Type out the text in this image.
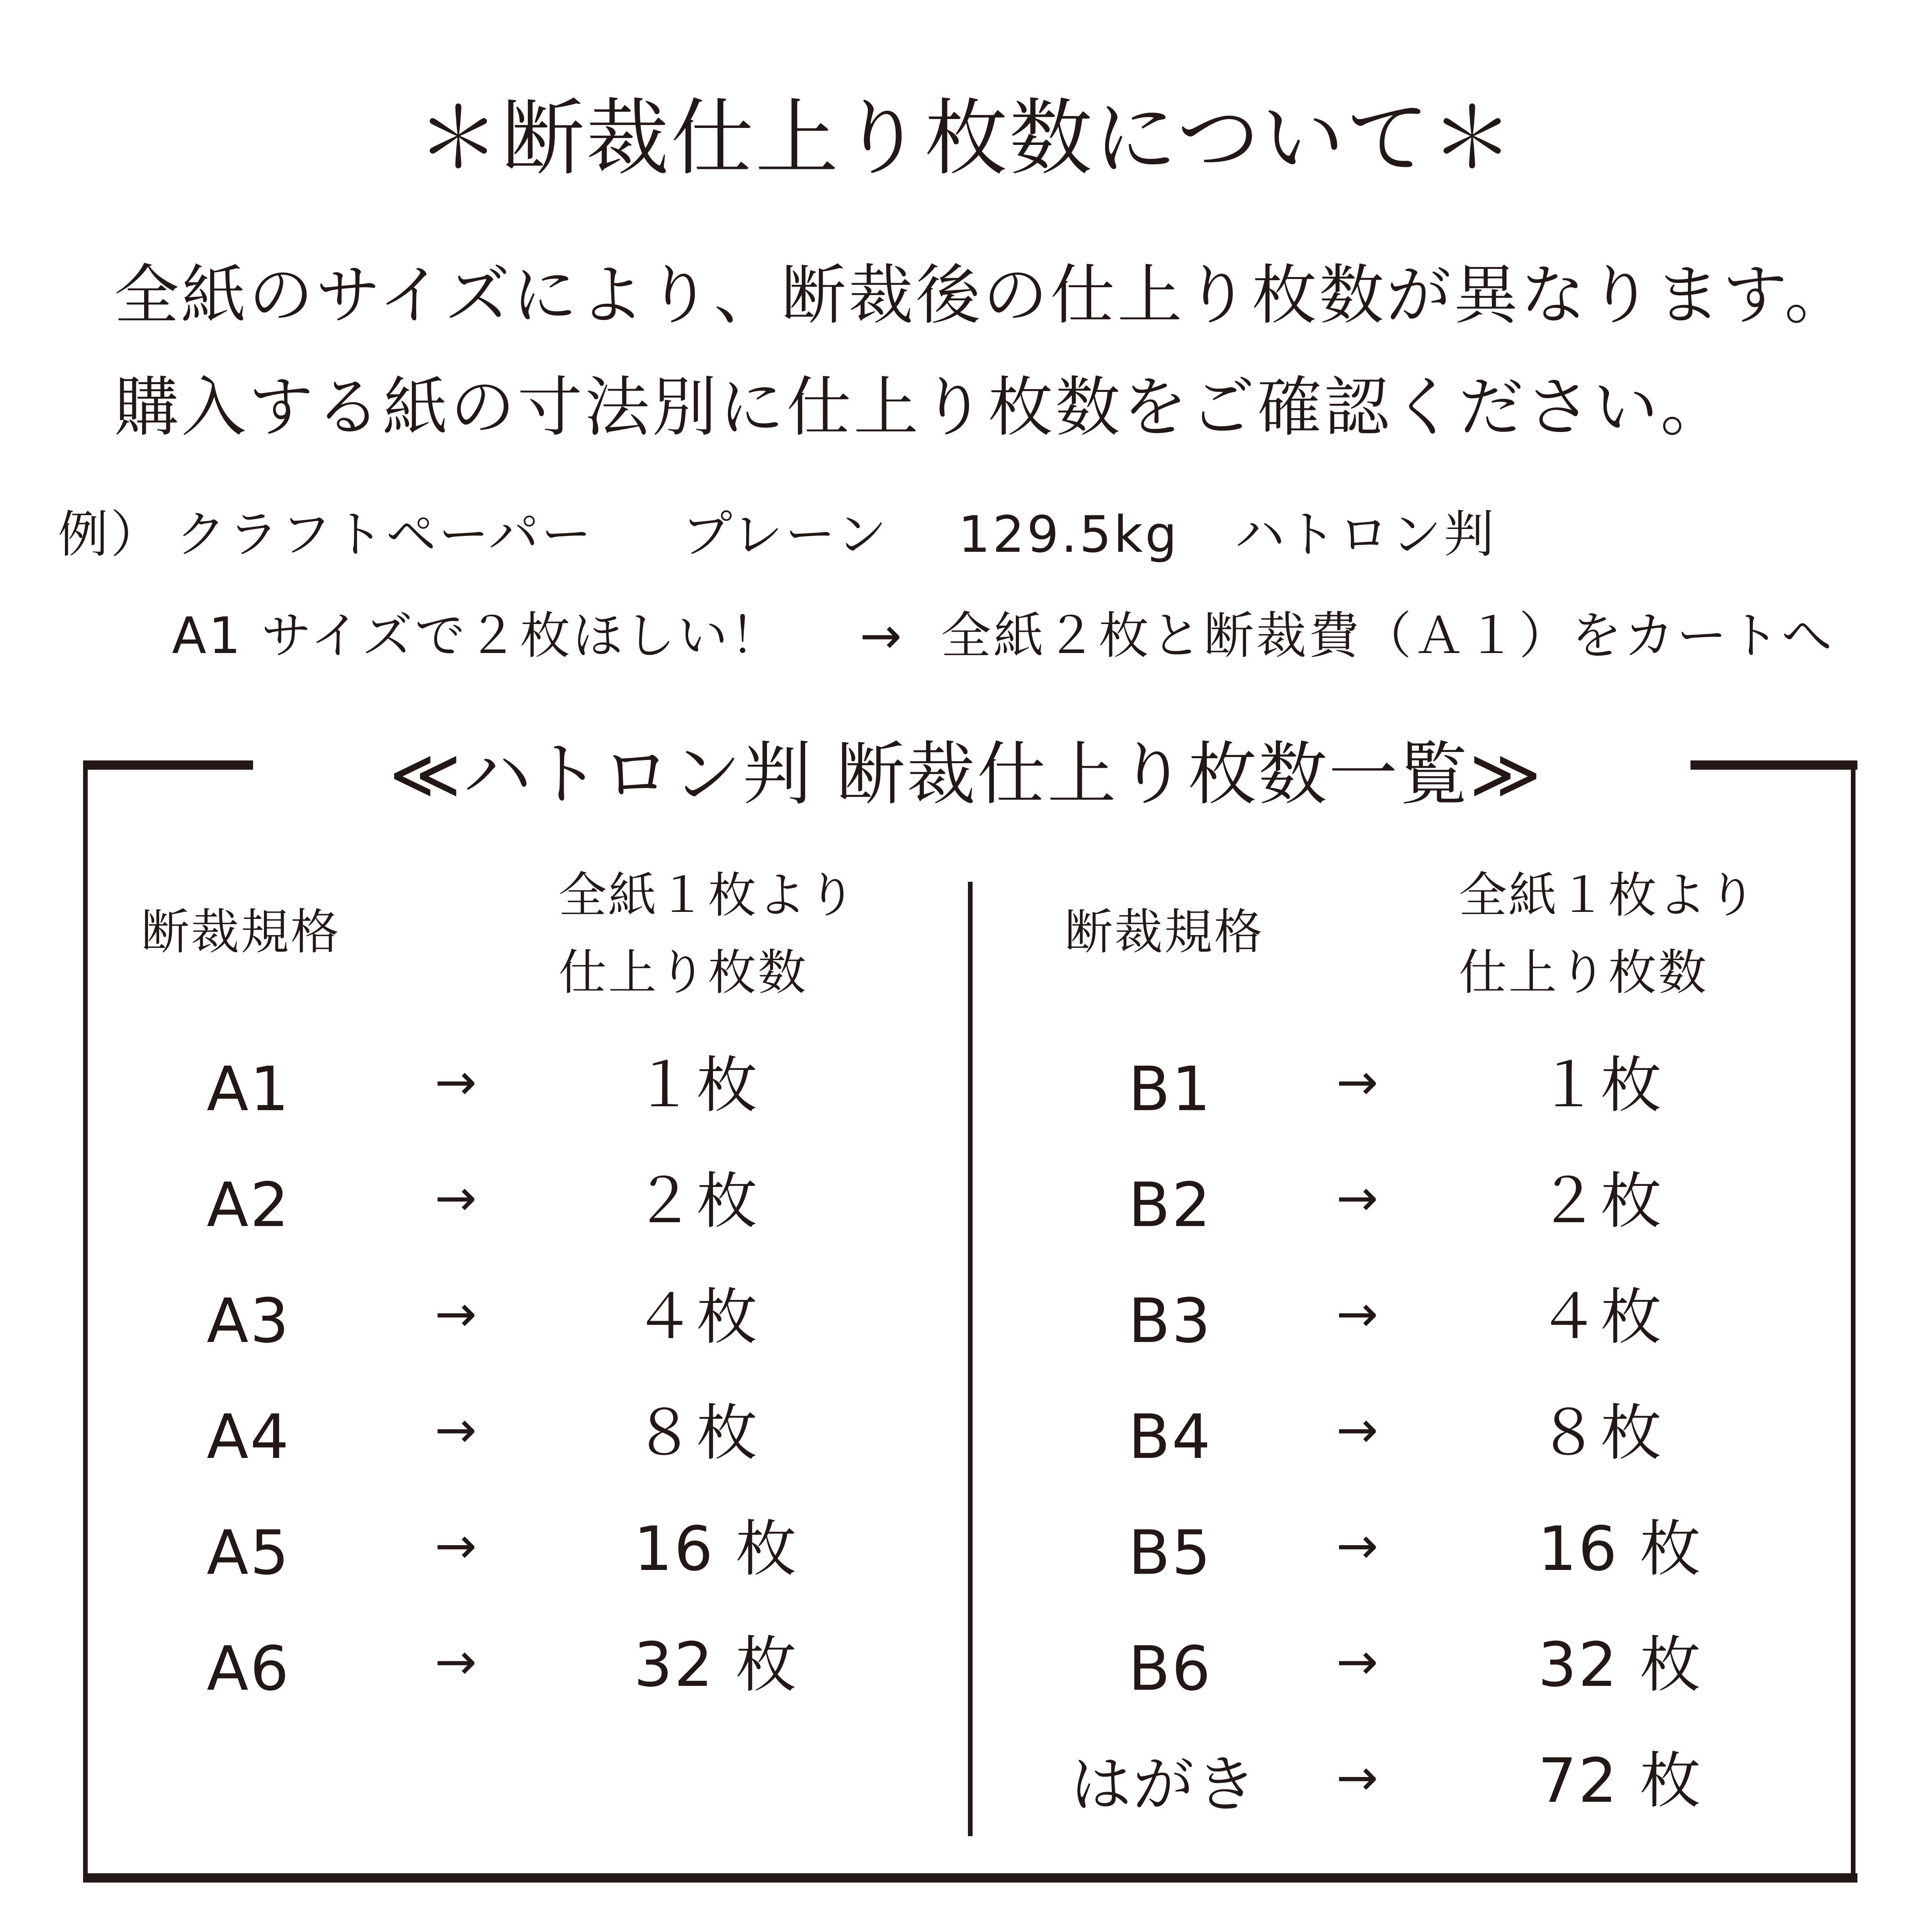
＊断裁仕上り枚数について＊
全紙のサイズにより、断裁後の仕上り枚数が異なります。
購入する紙の寸法別に仕上り枚数をご確認ください。
例） クラフトペーパー プレーン 129.5kg ハトロン判
A1 サイズで２枚ほしい！ → 全紙２枚と断裁費（Ａ１）をカートへ
≪ハトロン判 断裁仕上り枚数一覧≫
断裁規格
全紙１枚より
仕上り枚数
断裁規格
全紙１枚より
仕上り枚数
A1	→	１枚
A2	→	２枚
A3	→	４枚
A4	→	８枚
A5	→	16 枚
A6	→	32 枚
B1 →	１枚
B2 →	２枚
B3 →	４枚
B4 →	８枚
B5 →	16 枚
B6 →	32 枚
はがき →	72 枚
